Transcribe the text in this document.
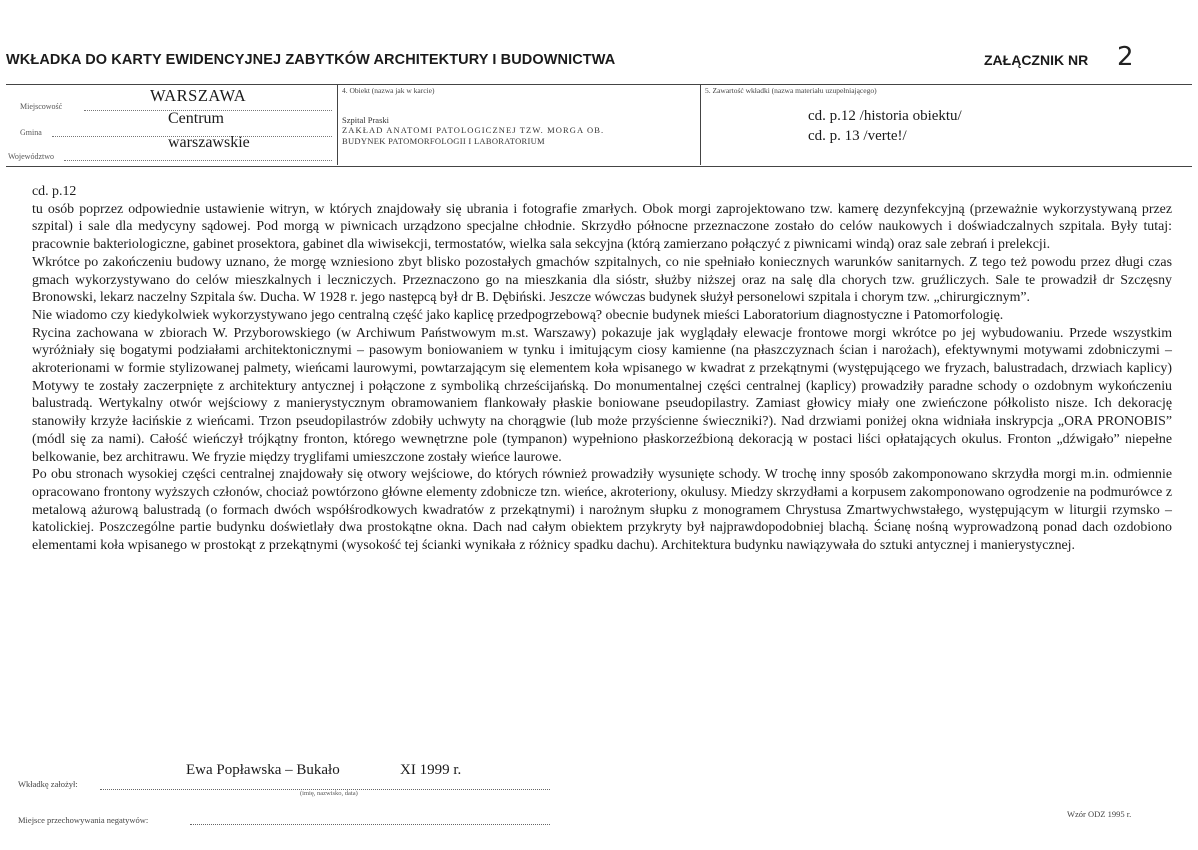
WKŁADKA DO KARTY EWIDENCYJNEJ ZABYTKÓW ARCHITEKTURY I BUDOWNICTWA	ZAŁĄCZNIK NR 2
WARSZAWA
Miejscowość
Centrum
Gmina
warszawskie
Województwo
4. Obiekt (nazwa jak w karcie)
Szpital Praski
ZAKŁAD ANATOMI PATOLOGICZNEJ TZW. MORGA OB.
BUDYNEK PATOMORFOLOGII I LABORATORIUM
5. Zawartość wkładki (nazwa materiału uzupełniającego)
cd. p.12 /historia obiektu/
cd. p. 13 /verte!/

cd. p.12

tu osób poprzez odpowiednie ustawienie witryn, w których znajdowały się ubrania i fotografie zmarłych. Obok morgi zaprojektowano tzw. kamerę dezynfekcyjną (przeważnie wykorzystywaną przez szpital) i sale dla medycyny sądowej. Pod morgą w piwnicach urządzono specjalne chłodnie. Skrzydło północne przeznaczone zostało do celów naukowych i doświadczalnych szpitala. Były tutaj: pracownie bakteriologiczne, gabinet prosektora, gabinet dla wiwisekcji, termostatów, wielka sala sekcyjna (którą zamierzano połączyć z piwnicami windą) oraz sale zebrań i prelekcji.

Wkrótce po zakończeniu budowy uznano, że morgę wzniesiono zbyt blisko pozostałych gmachów szpitalnych, co nie spełniało koniecznych warunków sanitarnych. Z tego też powodu przez długi czas gmach wykorzystywano do celów mieszkalnych i leczniczych. Przeznaczono go na mieszkania dla sióstr, służby niższej oraz na salę dla chorych tzw. gruźliczych. Sale te prowadził dr Szczęsny Bronowski, lekarz naczelny Szpitala św. Ducha. W 1928 r. jego następcą był dr B. Dębiński. Jeszcze wówczas budynek służył personelowi szpitala i chorym tzw. „chirurgicznym”.

Nie wiadomo czy kiedykolwiek wykorzystywano jego centralną część jako kaplicę przedpogrzebową? obecnie budynek mieści Laboratorium diagnostyczne i Patomorfologię.

Rycina zachowana w zbiorach W. Przyborowskiego (w Archiwum Państwowym m.st. Warszawy) pokazuje jak wyglądały elewacje frontowe morgi wkrótce po jej wybudowaniu. Przede wszystkim wyróżniały się bogatymi podziałami architektonicznymi – pasowym boniowaniem w tynku i imitującym ciosy kamienne (na płaszczyznach ścian i narożach), efektywnymi motywami zdobniczymi – akroterionami w formie stylizowanej palmety, wieńcami laurowymi, powtarzającym się elementem koła wpisanego w kwadrat z przekątnymi (występującego we fryzach, balustradach, drzwiach kaplicy) Motywy te zostały zaczerpnięte z architektury antycznej i połączone z symboliką chrześcijańską. Do monumentalnej części centralnej (kaplicy) prowadziły paradne schody o ozdobnym wykończeniu balustradą. Wertykalny otwór wejściowy z manierystycznym obramowaniem flankowały płaskie boniowane pseudopilastry. Zamiast głowicy miały one zwieńczone półkolisto nisze. Ich dekorację stanowiły krzyże łacińskie z wieńcami. Trzon pseudopilastrów zdobiły uchwyty na chorągwie (lub może przyścienne świeczniki?). Nad drzwiami poniżej okna widniała inskrypcja „ORA PRONOBIS” (módl się za nami). Całość wieńczył trójkątny fronton, którego wewnętrzne pole (tympanon) wypełniono płaskorzeźbioną dekoracją w postaci liści opłatających okulus. Fronton „dźwigało” niepełne belkowanie, bez architrawu. We fryzie między tryglifami umieszczone zostały wieńce laurowe.

Po obu stronach wysokiej części centralnej znajdowały się otwory wejściowe, do których również prowadziły wysunięte schody. W trochę inny sposób zakomponowano skrzydła morgi m.in. odmiennie opracowano frontony wyższych członów, chociaż powtórzono główne elementy zdobnicze tzn. wieńce, akroteriony, okulusy. Miedzy skrzydłami a korpusem zakomponowano ogrodzenie na podmurówce z metalową ażurową balustradą (o formach dwóch współśrodkowych kwadratów z przekątnymi) i narożnym słupku z monogramem Chrystusa Zmartwychwstałego, występującym w liturgii rzymsko – katolickiej. Poszczególne partie budynku doświetlały dwa prostokątne okna. Dach nad całym obiektem przykryty był najprawdopodobniej blachą. Ścianę nośną wyprowadzoną ponad dach ozdobiono elementami koła wpisanego w prostokąt z przekątnymi (wysokość tej ścianki wynikała z różnicy spadku dachu). Architektura budynku nawiązywała do sztuki antycznej i manierystycznej.

Ewa Popławska – Bukało	XI 1999 r.
Wkładkę założył:
(imię, nazwisko, data)
Miejsce przechowywania negatywów:
Wzór ODZ 1995 r.
